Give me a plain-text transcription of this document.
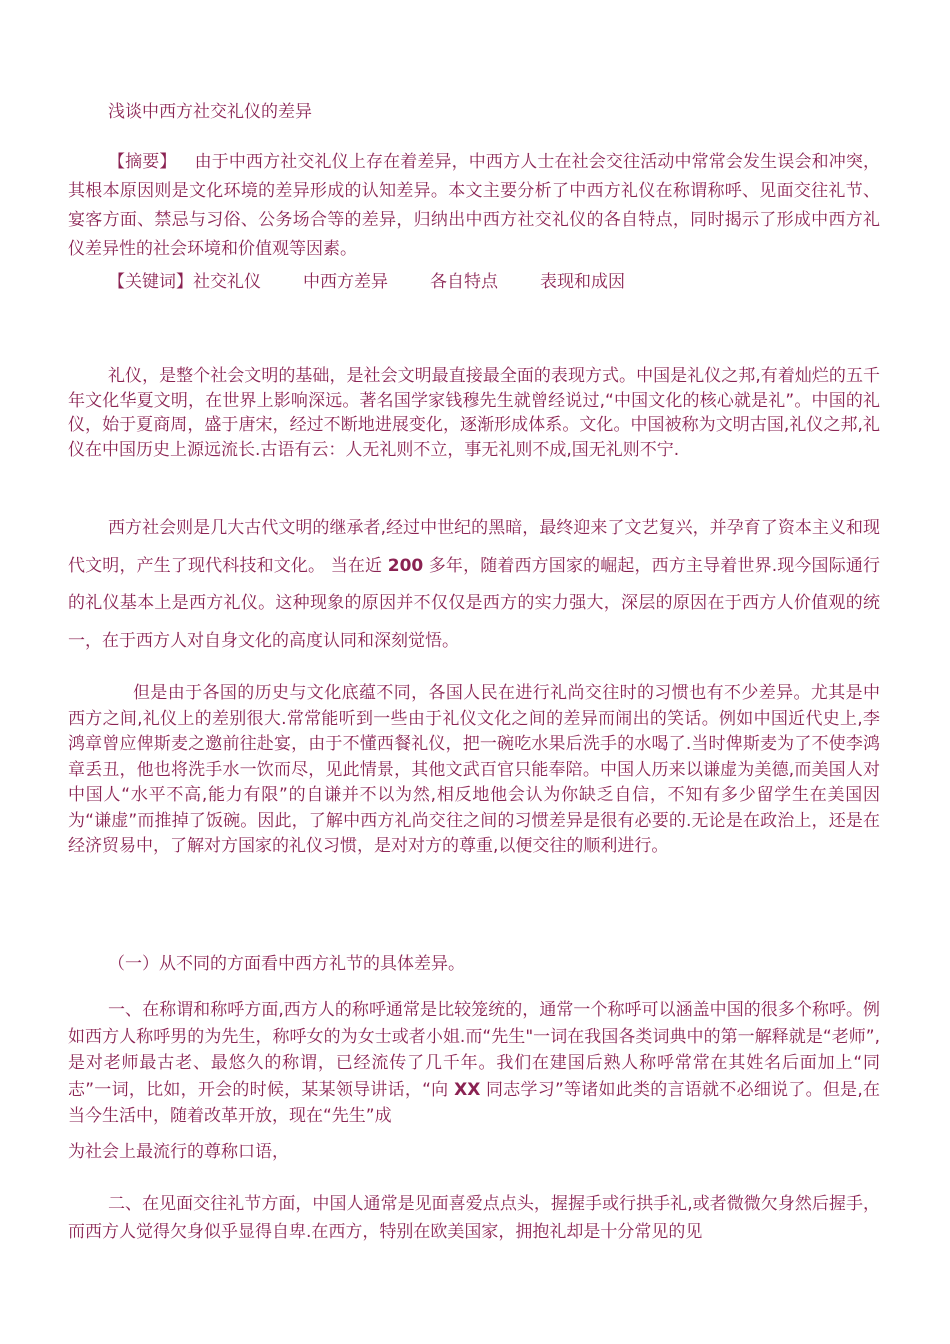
浅谈中西方社交礼仪的差异

【摘要】 由于中西方社交礼仪上存在着差异，中西方人士在社会交往活动中常常会发生误会和冲突，其根本原因则是文化环境的差异形成的认知差异。本文主要分析了中西方礼仪在称谓称呼、见面交往礼节、宴客方面、禁忌与习俗、公务场合等的差异，归纳出中西方社交礼仪的各自特点，同时揭示了形成中西方礼仪差异性的社会环境和价值观等因素。

【关键词】社交礼仪 中西方差异 各自特点 表现和成因

礼仪，是整个社会文明的基础，是社会文明最直接最全面的表现方式。中国是礼仪之邦,有着灿烂的五千年文化华夏文明，在世界上影响深远。著名国学家钱穆先生就曾经说过,“中国文化的核心就是礼”。中国的礼仪，始于夏商周，盛于唐宋，经过不断地进展变化，逐渐形成体系。文化。中国被称为文明古国,礼仪之邦,礼仪在中国历史上源远流长.古语有云：人无礼则不立，事无礼则不成,国无礼则不宁.

西方社会则是几大古代文明的继承者,经过中世纪的黑暗，最终迎来了文艺复兴，并孕育了资本主义和现代文明，产生了现代科技和文化。 当在近 200 多年，随着西方国家的崛起，西方主导着世界.现今国际通行的礼仪基本上是西方礼仪。这种现象的原因并不仅仅是西方的实力强大，深层的原因在于西方人价值观的统一，在于西方人对自身文化的高度认同和深刻觉悟。

但是由于各国的历史与文化底蕴不同，各国人民在进行礼尚交往时的习惯也有不少差异。尤其是中西方之间,礼仪上的差别很大.常常能听到一些由于礼仪文化之间的差异而闹出的笑话。例如中国近代史上,李鸿章曾应俾斯麦之邀前往赴宴，由于不懂西餐礼仪，把一碗吃水果后洗手的水喝了.当时俾斯麦为了不使李鸿章丢丑，他也将洗手水一饮而尽，见此情景，其他文武百官只能奉陪。中国人历来以谦虚为美德,而美国人对中国人“水平不高,能力有限”的自谦并不以为然,相反地他会认为你缺乏自信，不知有多少留学生在美国因为“谦虚”而推掉了饭碗。因此，了解中西方礼尚交往之间的习惯差异是很有必要的.无论是在政治上，还是在经济贸易中，了解对方国家的礼仪习惯，是对对方的尊重,以便交往的顺利进行。

（一）从不同的方面看中西方礼节的具体差异。

一、在称谓和称呼方面,西方人的称呼通常是比较笼统的，通常一个称呼可以涵盖中国的很多个称呼。例如西方人称呼男的为先生，称呼女的为女士或者小姐.而“先生"一词在我国各类词典中的第一解释就是“老师”,是对老师最古老、最悠久的称谓，已经流传了几千年。我们在建国后熟人称呼常常在其姓名后面加上“同志”一词，比如，开会的时候，某某领导讲话，“向 XX 同志学习”等诸如此类的言语就不必细说了。但是,在当今生活中，随着改革开放，现在“先生”成
为社会上最流行的尊称口语，

二、在见面交往礼节方面，中国人通常是见面喜爱点点头，握握手或行拱手礼,或者微微欠身然后握手，而西方人觉得欠身似乎显得自卑.在西方，特别在欧美国家，拥抱礼却是十分常见的见
